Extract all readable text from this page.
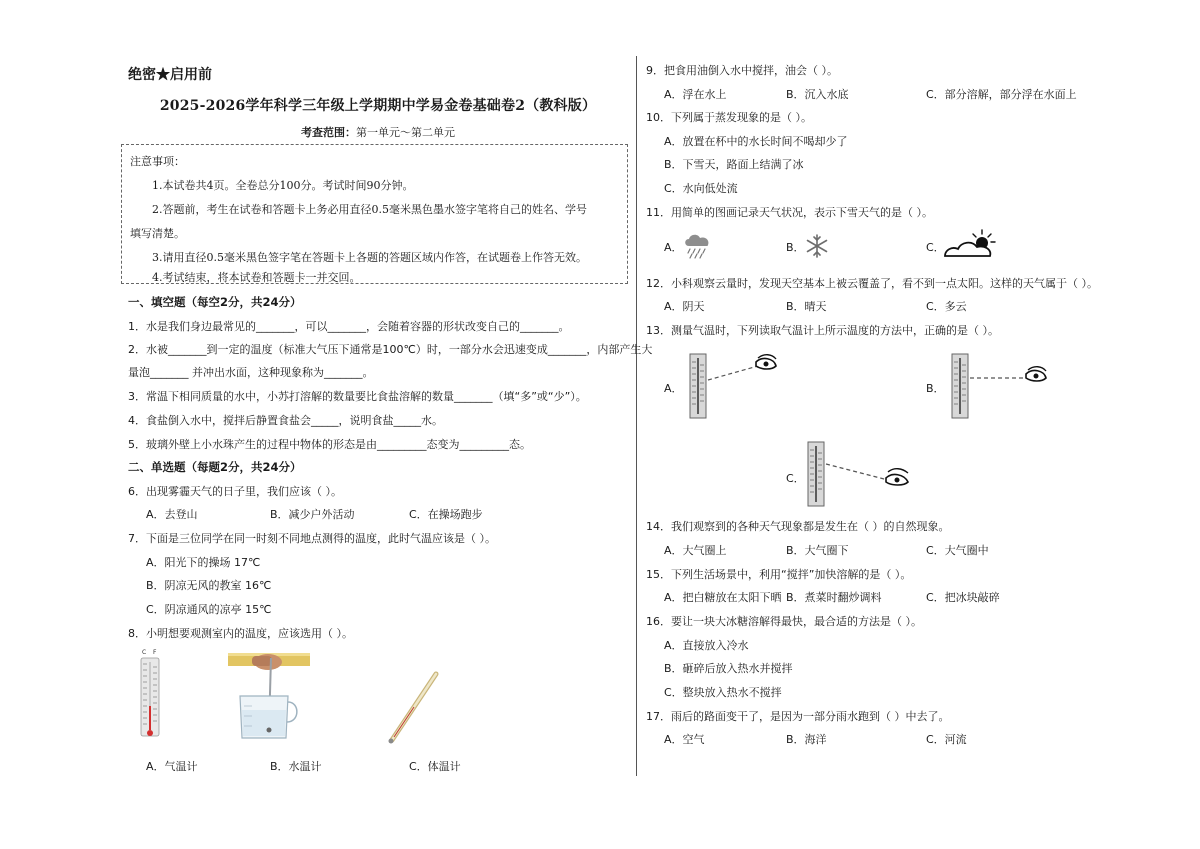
绝密★启用前
2025-2026学年科学三年级上学期期中学易金卷基础卷2（教科版）
考查范围：第一单元～第二单元
注意事项：
1.本试卷共4页。全卷总分100分。考试时间90分钟。
2.答题前，考生在试卷和答题卡上务必用直径0.5毫米黑色墨水签字笔将自己的姓名、学号
填写清楚。
3.请用直径0.5毫米黑色签字笔在答题卡上各题的答题区域内作答，在试题卷上作答无效。
4.考试结束，将本试卷和答题卡一并交回。
一、填空题（每空2分，共24分）
1．水是我们身边最常见的_______，可以_______，会随着容器的形状改变自己的_______。
2．水被_______到一定的温度（标准大气压下通常是100℃）时，一部分水会迅速变成_______，内部产生大
量泡_______ 并冲出水面，这种现象称为_______。
3．常温下相同质量的水中，小苏打溶解的数量要比食盐溶解的数量_______（填“多”或“少”）。
4．食盐倒入水中，搅拌后静置食盐会_____，说明食盐_____水。
5．玻璃外壁上小水珠产生的过程中物体的形态是由_________态变为_________态。
二、单选题（每题2分，共24分）
6．出现雾霾天气的日子里，我们应该（ ）。
A．去登山	B．减少户外活动	C．在操场跑步
7．下面是三位同学在同一时刻不同地点测得的温度，此时气温应该是（ ）。
A．阳光下的操场 17℃
B．阴凉无风的教室 16℃
C．阴凉通风的凉亭 15℃
8．小明想要观测室内的温度，应该选用（ ）。
C F
A．气温计	B．水温计	C．体温计
9．把食用油倒入水中搅拌，油会（ ）。
A．浮在水上	B．沉入水底	C．部分溶解，部分浮在水面上
10．下列属于蒸发现象的是（ ）。
A．放置在杯中的水长时间不喝却少了
B．下雪天，路面上结满了冰
C．水向低处流
11．用简单的图画记录天气状况，表示下雪天气的是（ ）。
A．	B．	C．
12．小科观察云量时，发现天空基本上被云覆盖了，看不到一点太阳。这样的天气属于（ ）。
A．阴天	B．晴天	C．多云
13．测量气温时，下列读取气温计上所示温度的方法中，正确的是（ ）。
A．	B．
C．
14．我们观察到的各种天气现象都是发生在（ ）的自然现象。
A．大气圈上	B．大气圈下	C．大气圈中
15．下列生活场景中，利用“搅拌”加快溶解的是（ ）。
A．把白糖放在太阳下晒 B．煮菜时翻炒调料	C．把冰块敲碎
16．要让一块大冰糖溶解得最快，最合适的方法是（ ）。
A．直接放入冷水
B．砸碎后放入热水并搅拌
C．整块放入热水不搅拌
17．雨后的路面变干了，是因为一部分雨水跑到（ ）中去了。
A．空气	B．海洋	C．河流
